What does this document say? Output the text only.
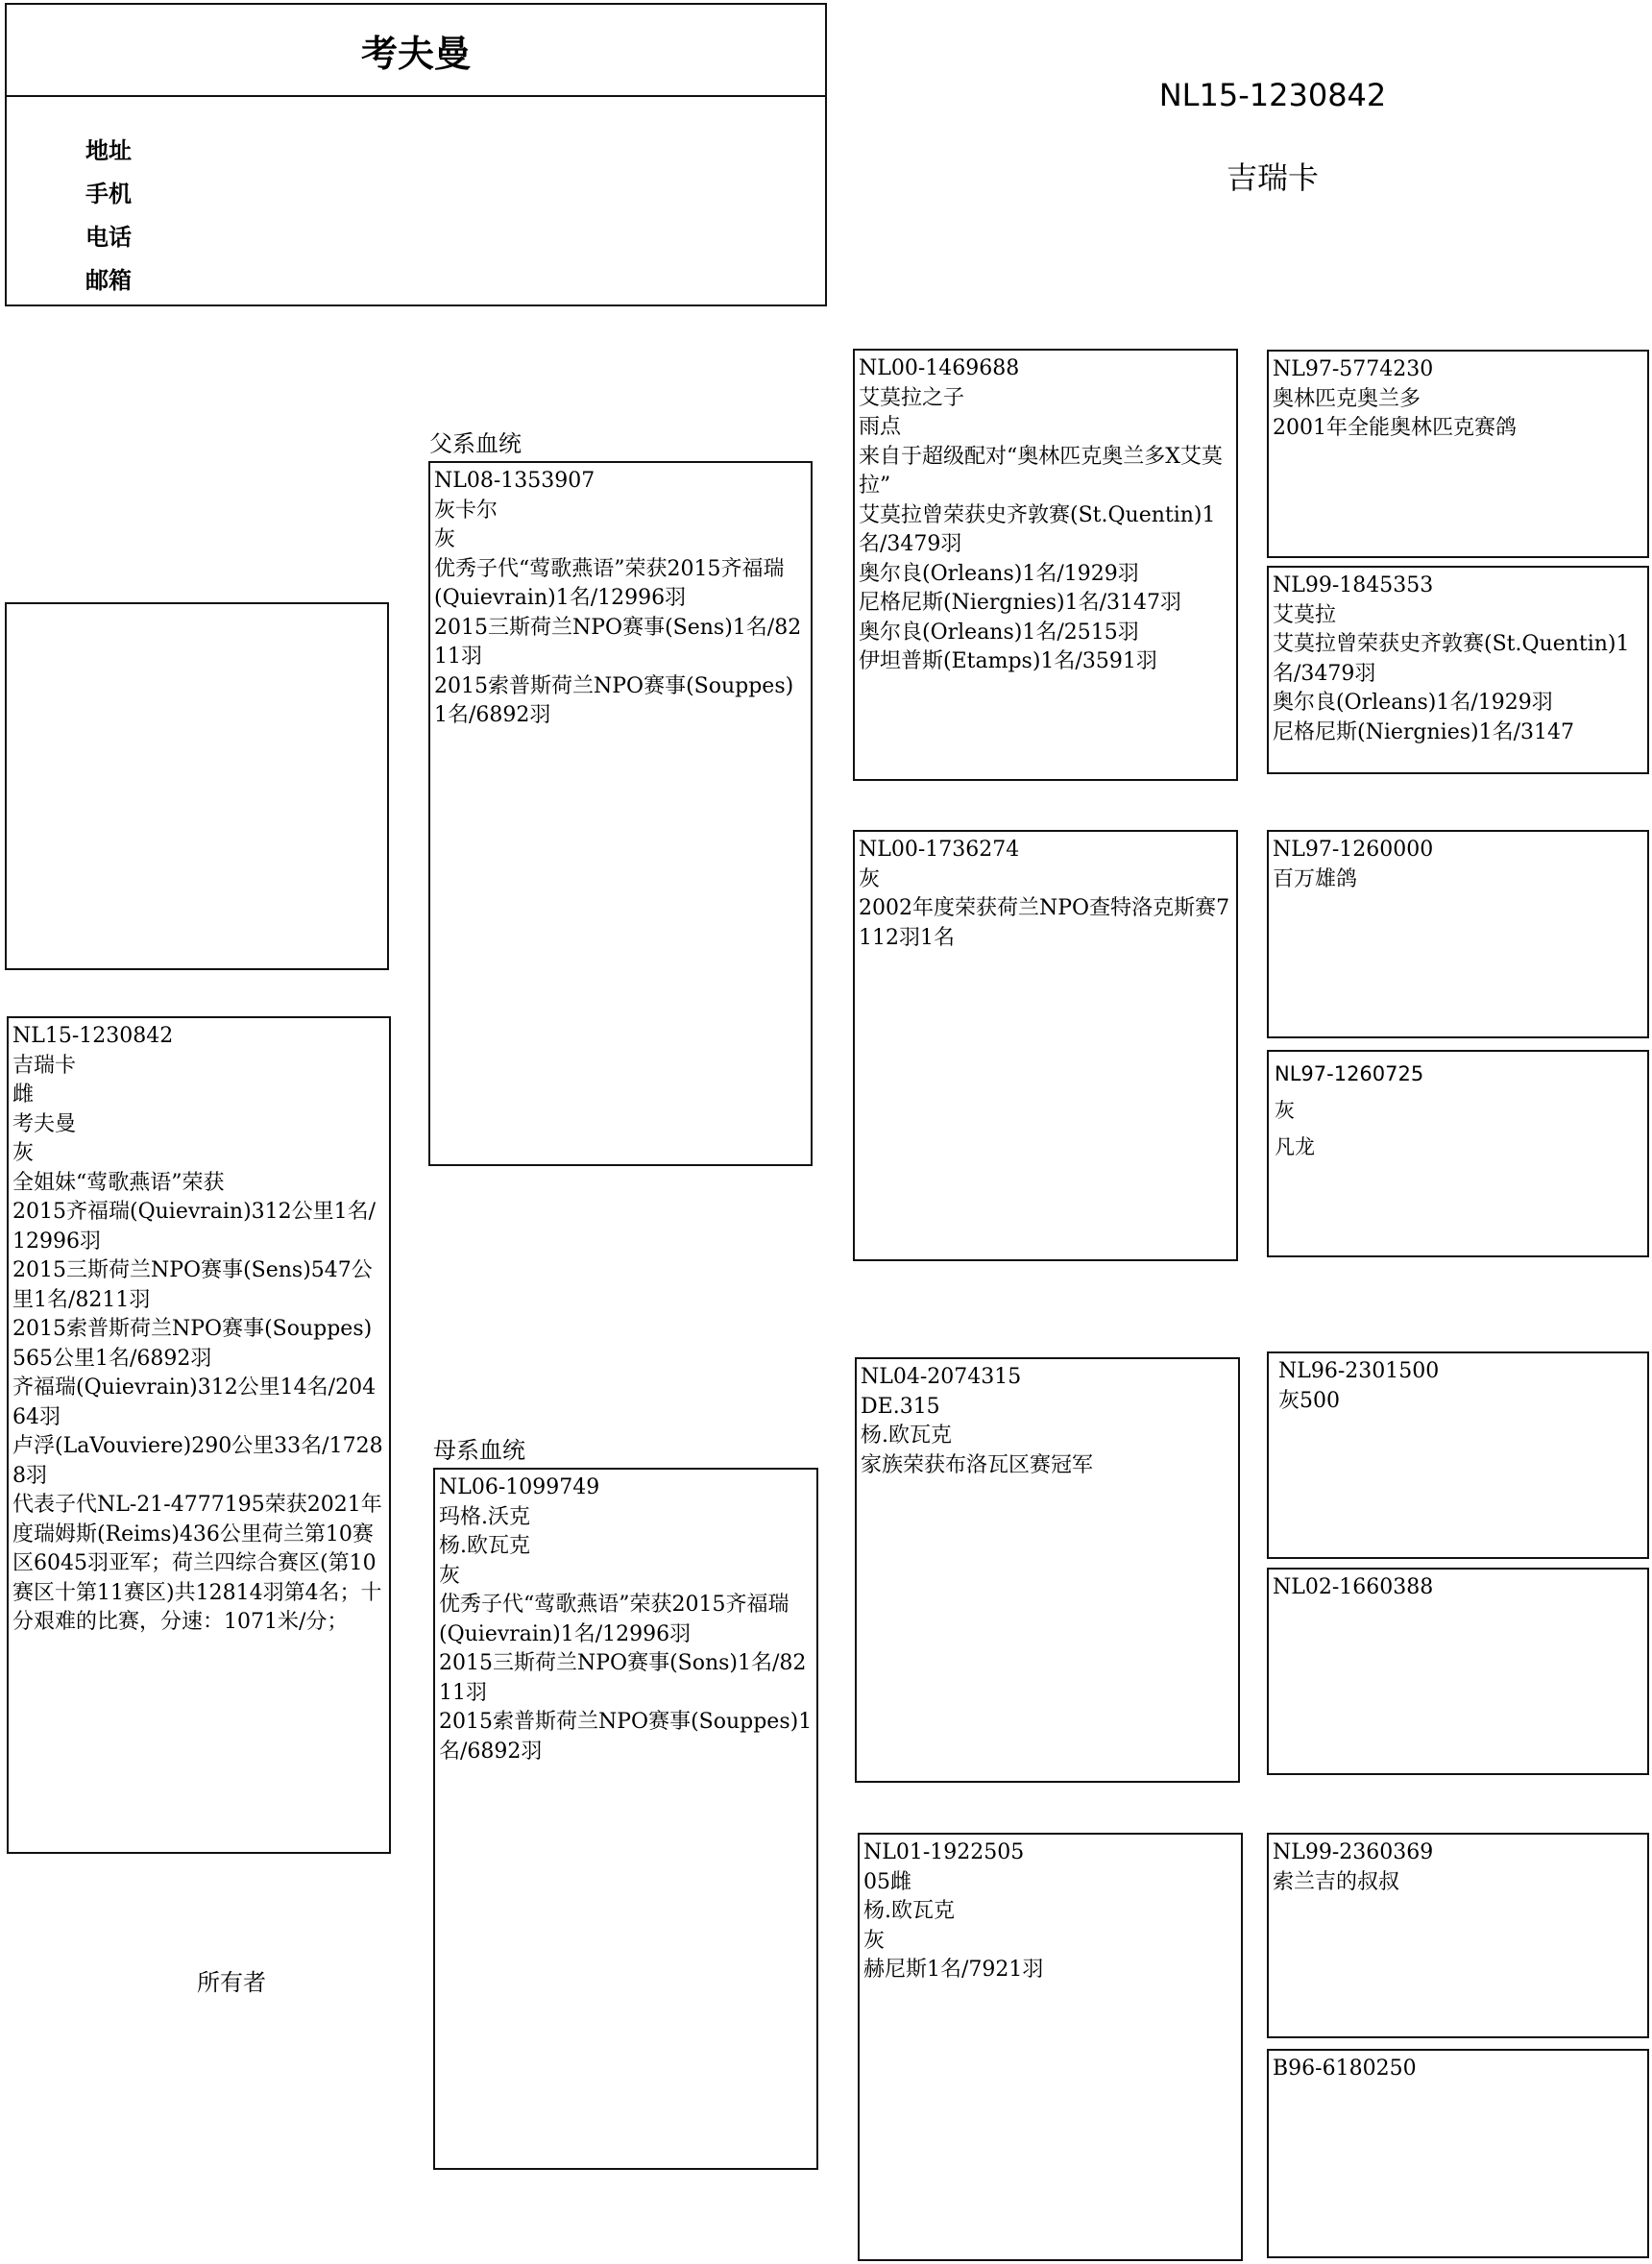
考夫曼
地址
手机
电话
邮箱
NL15-1230842
吉瑞卡
NL15-1230842
吉瑞卡
雌
考夫曼
灰
全姐妹“莺歌燕语”荣获
2015齐福瑞(Quievrain)312公里1名/12996羽
2015三斯荷兰NPO赛事(Sens)547公里1名/8211羽
2015索普斯荷兰NPO赛事(Souppes)565公里1名/6892羽
齐福瑞(Quievrain)312公里14名/20464羽
卢浮(LaVouviere)290公里33名/17288羽
代表子代NL-21-4777195荣获2021年度瑞姆斯(Reims)436公里荷兰第10赛区6045羽亚军；荷兰四综合赛区(第10赛区十第11赛区)共12814羽第4名；十分艰难的比赛，分速：1071米/分；
所有者
父系血统
NL08-1353907
灰卡尔
灰
优秀子代“莺歌燕语”荣获2015齐福瑞(Quievrain)1名/12996羽
2015三斯荷兰NPO赛事(Sens)1名/8211羽
2015索普斯荷兰NPO赛事(Souppes)1名/6892羽
母系血统
NL06-1099749
玛格.沃克
杨.欧瓦克
灰
优秀子代“莺歌燕语”荣获2015齐福瑞(Quievrain)1名/12996羽
2015三斯荷兰NPO赛事(Sons)1名/8211羽
2015索普斯荷兰NPO赛事(Souppes)1名/6892羽
NL00-1469688
艾莫拉之子
雨点
来自于超级配对“奥林匹克奥兰多X艾莫拉”
艾莫拉曾荣获史齐敦赛(St.Quentin)1名/3479羽
奥尔良(Orleans)1名/1929羽
尼格尼斯(Niergnies)1名/3147羽
奥尔良(Orleans)1名/2515羽
伊坦普斯(Etamps)1名/3591羽
NL00-1736274
灰
2002年度荣获荷兰NPO查特洛克斯赛7112羽1名
NL04-2074315
DE.315
杨.欧瓦克
家族荣获布洛瓦区赛冠军
NL01-1922505
05雌
杨.欧瓦克
灰
赫尼斯1名/7921羽
NL97-5774230
奥林匹克奥兰多
2001年全能奥林匹克赛鸽
NL99-1845353
艾莫拉
艾莫拉曾荣获史齐敦赛(St.Quentin)1名/3479羽
奥尔良(Orleans)1名/1929羽
尼格尼斯(Niergnies)1名/3147
NL97-1260000
百万雄鸽
NL97-1260725
灰
凡龙
NL96-2301500
灰500
NL02-1660388
NL99-2360369
索兰吉的叔叔
B96-6180250
